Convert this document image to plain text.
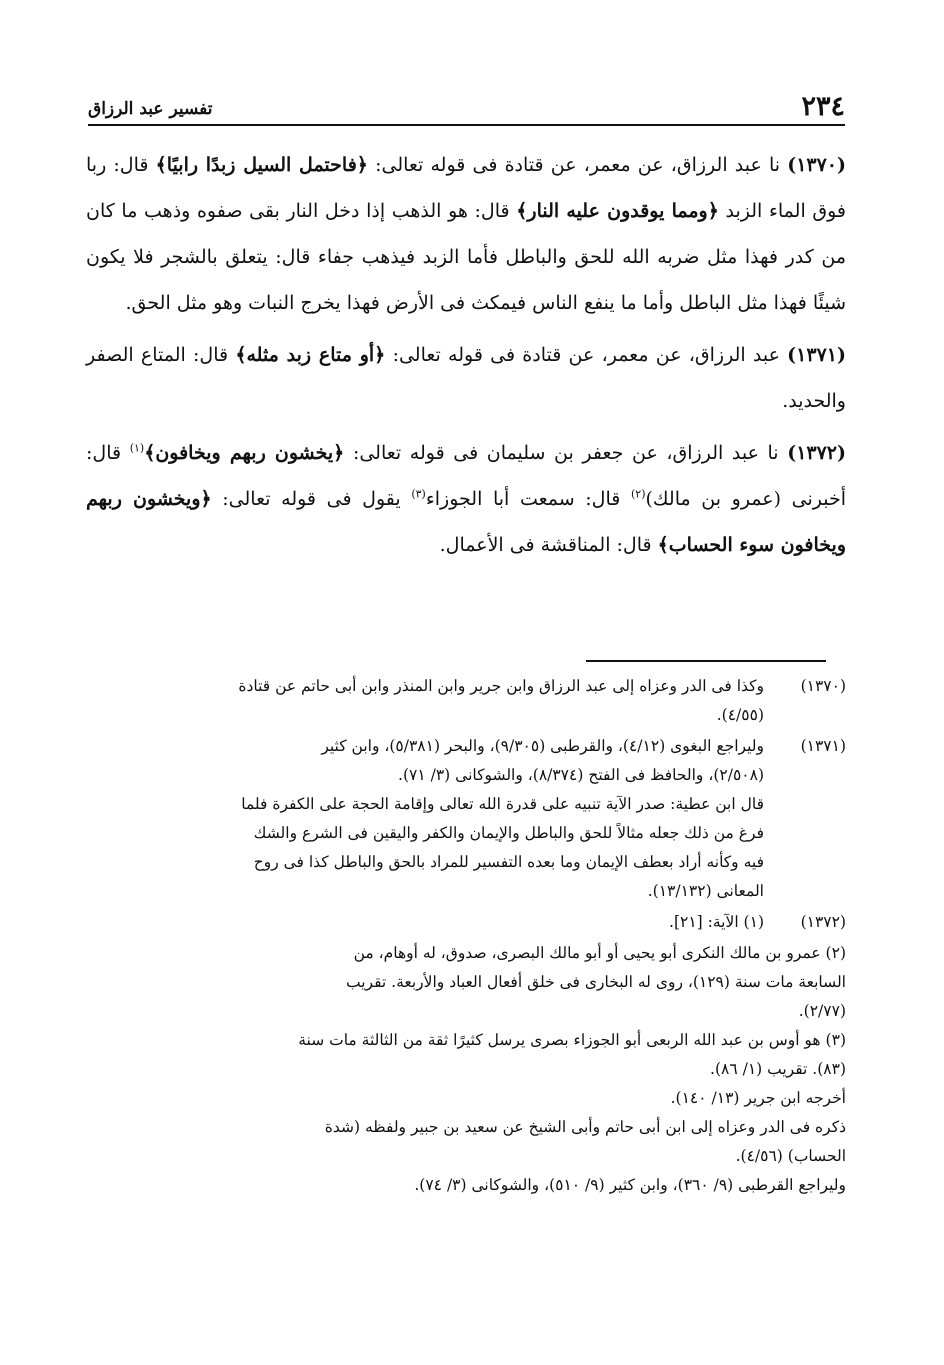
٢٣٤
تفسير عبد الرزاق

(١٣٧٠) نا عبد الرزاق، عن معمر، عن قتادة فى قوله تعالى: ﴿فاحتمل السيل زبدًا رابيًا﴾ قال: ربا فوق الماء الزبد ﴿ومما يوقدون عليه النار﴾ قال: هو الذهب إذا دخل النار بقى صفوه وذهب ما كان من كدر فهذا مثل ضربه الله للحق والباطل فأما الزبد فيذهب جفاء قال: يتعلق بالشجر فلا يكون شيئًا فهذا مثل الباطل وأما ما ينفع الناس فيمكث فى الأرض فهذا يخرج النبات وهو مثل الحق.

(١٣٧١) عبد الرزاق، عن معمر، عن قتادة فى قوله تعالى: ﴿أو متاع زبد مثله﴾ قال: المتاع الصفر والحديد.

(١٣٧٢) نا عبد الرزاق، عن جعفر بن سليمان فى قوله تعالى: ﴿يخشون ربهم ويخافون﴾$^{(١)}$ قال: أخبرنى (عمرو بن مالك)$^{(٢)}$ قال: سمعت أبا الجوزاء$^{(٣)}$ يقول فى قوله تعالى: ﴿ويخشون ربهم ويخافون سوء الحساب﴾ قال: المناقشة فى الأعمال.

(١٣٧٠)

وكذا فى الدر وعزاه إلى عبد الرزاق وابن جرير وابن المنذر وابن أبى حاتم عن قتادة

(٤/٥٥).

(١٣٧١)

وليراجع البغوى (٤/١٢)، والقرطبى (٩/٣٠٥)، والبحر (٥/٣٨١)، وابن كثير

(٢/٥٠٨)، والحافظ فى الفتح (٨/٣٧٤)، والشوكانى (٣/ ٧١).

قال ابن عطية: صدر الآية تنبيه على قدرة الله تعالى وإقامة الحجة على الكفرة فلما

فرغ من ذلك جعله مثالاً للحق والباطل والإيمان والكفر واليقين فى الشرع والشك

فيه وكأنه أراد بعطف الإيمان وما بعده التفسير للمراد بالحق والباطل كذا فى روح

المعانى (١٣/١٣٢).

(١٣٧٢)

(١) الآية: [٢١].

(٢) عمرو بن مالك النكرى أبو يحيى أو أبو مالك البصرى، صدوق، له أوهام، من

السابعة مات سنة (١٢٩)، روى له البخارى فى خلق أفعال العباد والأربعة. تقريب

(٢/٧٧).

(٣) هو أوس بن عبد الله الربعى أبو الجوزاء بصرى يرسل كثيرًا ثقة من الثالثة مات سنة

(٨٣). تقريب (١/ ٨٦).

أخرجه ابن جرير (١٣/ ١٤٠).

ذكره فى الدر وعزاه إلى ابن أبى حاتم وأبى الشيخ عن سعيد بن جبير ولفظه (شدة

الحساب) (٤/٥٦).

وليراجع القرطبى (٩/ ٣٦٠)، وابن كثير (٩/ ٥١٠)، والشوكانى (٣/ ٧٤).
